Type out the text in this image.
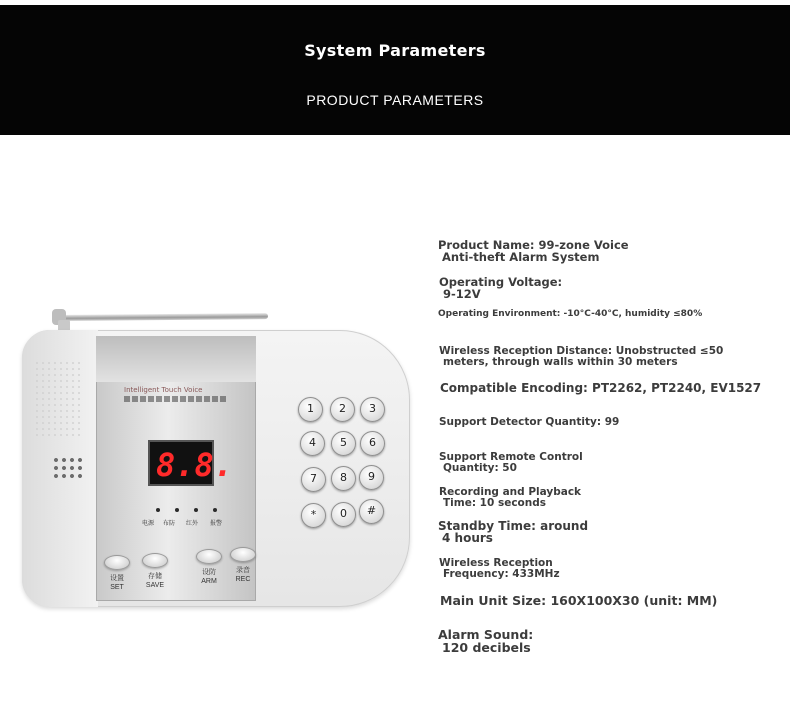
System Parameters
PRODUCT PARAMETERS
Intelligent Touch Voice
8.8.
电源 布防 红外 报警
设置
SET
存储
SAVE
设防
ARM
录音
REC
1	2	3
4	5	6
7	8	9
*	0	#
Product Name: 99-zone Voice
Anti-theft Alarm System
Operating Voltage:
9-12V
Operating Environment: -10°C-40°C, humidity ≤80%
Wireless Reception Distance: Unobstructed ≤50
meters, through walls within 30 meters
Compatible Encoding: PT2262, PT2240, EV1527
Support Detector Quantity: 99
Support Remote Control
Quantity: 50
Recording and Playback
Time: 10 seconds
Standby Time: around
4 hours
Wireless Reception
Frequency: 433MHz
Main Unit Size: 160X100X30 (unit: MM)
Alarm Sound:
120 decibels
